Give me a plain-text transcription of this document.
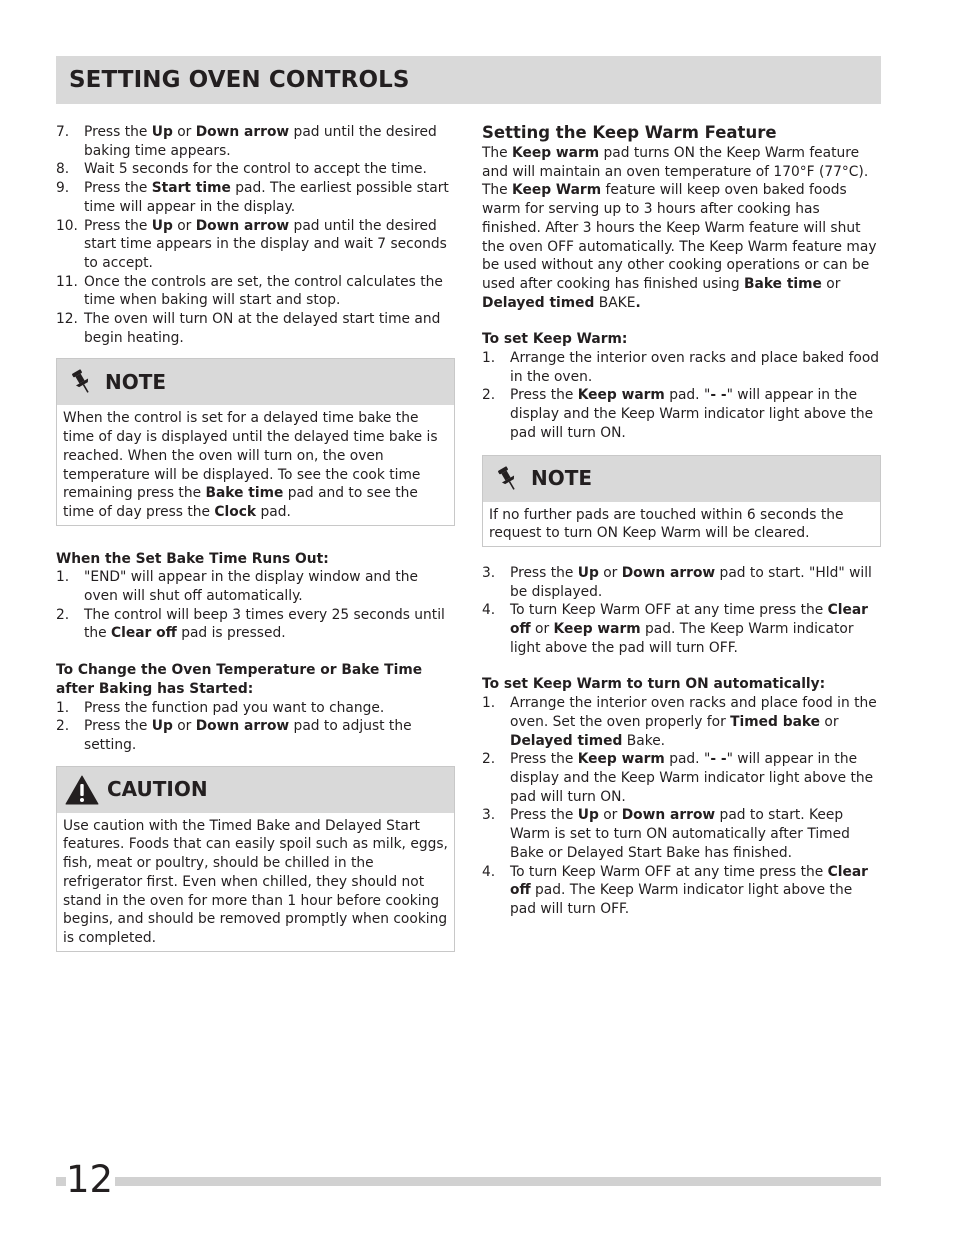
SETTING OVEN CONTROLS
7. Press the Up or Down arrow pad until the desired baking time appears.
8. Wait 5 seconds for the control to accept the time.
9. Press the Start time pad. The earliest possible start time will appear in the display.
10. Press the Up or Down arrow pad until the desired start time appears in the display and wait 7 seconds to accept.
11. Once the controls are set, the control calculates the time when baking will start and stop.
12. The oven will turn ON at the delayed start time and begin heating.
NOTE
When the control is set for a delayed time bake the time of day is displayed until the delayed time bake is reached. When the oven will turn on, the oven temperature will be displayed. To see the cook time remaining press the Bake time pad and to see the time of day press the Clock pad.

When the Set Bake Time Runs Out:

1. "END" will appear in the display window and the oven will shut off automatically.
2. The control will beep 3 times every 25 seconds until the Clear off pad is pressed.

To Change the Oven Temperature or Bake Time after Baking has Started:

1. Press the function pad you want to change.
2. Press the Up or Down arrow pad to adjust the setting.
CAUTION
Use caution with the Timed Bake and Delayed Start features. Foods that can easily spoil such as milk, eggs, fish, meat or poultry, should be chilled in the refrigerator first. Even when chilled, they should not stand in the oven for more than 1 hour before cooking begins, and should be removed promptly when cooking is completed.

Setting the Keep Warm Feature

The Keep warm pad turns ON the Keep Warm feature and will maintain an oven temperature of 170°F (77°C). The Keep Warm feature will keep oven baked foods warm for serving up to 3 hours after cooking has finished. After 3 hours the Keep Warm feature will shut the oven OFF automatically. The Keep Warm feature may be used without any other cooking operations or can be used after cooking has finished using Bake time or Delayed timed BAKE.

To set Keep Warm:

1. Arrange the interior oven racks and place baked food in the oven.
2. Press the Keep warm pad. "- -" will appear in the display and the Keep Warm indicator light above the pad will turn ON.
NOTE
If no further pads are touched within 6 seconds the request to turn ON Keep Warm will be cleared.
3. Press the Up or Down arrow pad to start. "Hld" will be displayed.
4. To turn Keep Warm OFF at any time press the Clear off or Keep warm pad. The Keep Warm indicator light above the pad will turn OFF.

To set Keep Warm to turn ON automatically:

1. Arrange the interior oven racks and place food in the oven. Set the oven properly for Timed bake or Delayed timed Bake.
2. Press the Keep warm pad. "- -" will appear in the display and the Keep Warm indicator light above the pad will turn ON.
3. Press the Up or Down arrow pad to start. Keep Warm is set to turn ON automatically after Timed Bake or Delayed Start Bake has finished.
4. To turn Keep Warm OFF at any time press the Clear off pad. The Keep Warm indicator light above the pad will turn OFF.
12
